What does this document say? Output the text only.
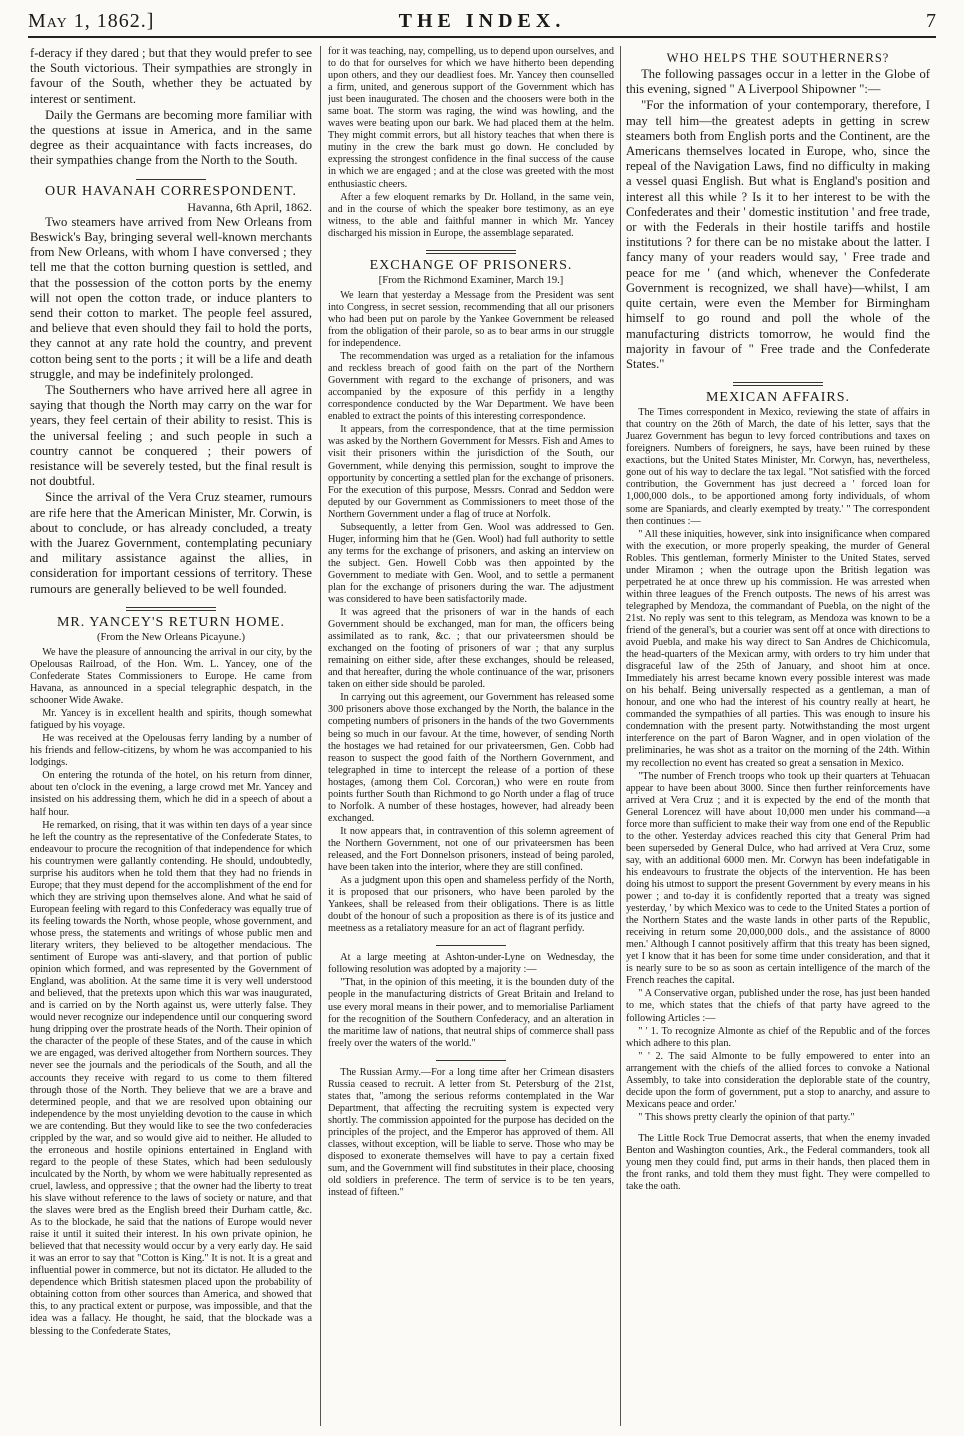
May 1, 1862.]	THE INDEX.	7

f-deracy if they dared ; but that they would prefer to see the South victorious. Their sympathies are strongly in favour of the South, whether they be actuated by interest or sentiment.

Daily the Germans are becoming more familiar with the questions at issue in America, and in the same degree as their acquaintance with facts increases, do their sympathies change from the North to the South.

OUR HAVANAH CORRESPONDENT.
Havanna, 6th April, 1862.

Two steamers have arrived from New Orleans from Beswick's Bay, bringing several well-known merchants from New Orleans, with whom I have conversed ; they tell me that the cotton burning question is settled, and that the possession of the cotton ports by the enemy will not open the cotton trade, or induce planters to send their cotton to market. The people feel assured, and believe that even should they fail to hold the ports, they cannot at any rate hold the country, and prevent cotton being sent to the ports ; it will be a life and death struggle, and may be indefinitely prolonged.

The Southerners who have arrived here all agree in saying that though the North may carry on the war for years, they feel certain of their ability to resist. This is the universal feeling ; and such people in such a country cannot be conquered ; their powers of resistance will be severely tested, but the final result is not doubtful.

Since the arrival of the Vera Cruz steamer, rumours are rife here that the American Minister, Mr. Corwin, is about to conclude, or has already concluded, a treaty with the Juarez Government, contemplating pecuniary and military assistance against the allies, in consideration for important cessions of territory. These rumours are generally believed to be well founded.

MR. YANCEY'S RETURN HOME.
(From the New Orleans Picayune.)

We have the pleasure of announcing the arrival in our city, by the Opelousas Railroad, of the Hon. Wm. L. Yancey, one of the Confederate States Commissioners to Europe. He came from Havana, as announced in a special telegraphic despatch, in the schooner Wide Awake.

Mr. Yancey is in excellent health and spirits, though somewhat fatigued by his voyage.

He was received at the Opelousas ferry landing by a number of his friends and fellow-citizens, by whom he was accompanied to his lodgings.

On entering the rotunda of the hotel, on his return from dinner, about ten o'clock in the evening, a large crowd met Mr. Yancey and insisted on his addressing them, which he did in a speech of about a half hour.

He remarked, on rising, that it was within ten days of a year since he left the country as the representative of the Confederate States, to endeavour to procure the recognition of that independence for which his countrymen were gallantly contending. He should, undoubtedly, surprise his auditors when he told them that they had no friends in Europe; that they must depend for the accomplishment of the end for which they are striving upon themselves alone. And what he said of European feeling with regard to this Confederacy was equally true of its feeling towards the North, whose people, whose government, and whose press, the statements and writings of whose public men and literary writers, they believed to be altogether mendacious. The sentiment of Europe was anti-slavery, and that portion of public opinion which formed, and was represented by the Government of England, was abolition. At the same time it is very well understood and believed, that the pretexts upon which this war was inaugurated, and is carried on by the North against us, were utterly false. They would never recognize our independence until our conquering sword hung dripping over the prostrate heads of the North. Their opinion of the character of the people of these States, and of the cause in which we are engaged, was derived altogether from Northern sources. They never see the journals and the periodicals of the South, and all the accounts they receive with regard to us come to them filtered through those of the North. They believe that we are a brave and determined people, and that we are resolved upon obtaining our independence by the most unyielding devotion to the cause in which we are contending. But they would like to see the two confederacies crippled by the war, and so would give aid to neither. He alluded to the erroneous and hostile opinions entertained in England with regard to the people of these States, which had been sedulously inculcated by the North, by whom we were habitually represented as cruel, lawless, and oppressive ; that the owner had the liberty to treat his slave without reference to the laws of society or nature, and that the slaves were bred as the English breed their Durham cattle, &c. As to the blockade, he said that the nations of Europe would never raise it until it suited their interest. In his own private opinion, he believed that that necessity would occur by a very early day. He said it was an error to say that "Cotton is King." It is not. It is a great and influential power in commerce, but not its dictator. He alluded to the dependence which British statesmen placed upon the probability of obtaining cotton from other sources than America, and showed that this, to any practical extent or purpose, was impossible, and that the idea was a fallacy. He thought, he said, that the blockade was a blessing to the Confederate States,

for it was teaching, nay, compelling, us to depend upon ourselves, and to do that for ourselves for which we have hitherto been depending upon others, and they our deadliest foes. Mr. Yancey then counselled a firm, united, and generous support of the Government which has just been inaugurated. The chosen and the choosers were both in the same boat. The storm was raging, the wind was howling, and the waves were beating upon our bark. We had placed them at the helm. They might commit errors, but all history teaches that when there is mutiny in the crew the bark must go down. He concluded by expressing the strongest confidence in the final success of the cause in which we are engaged ; and at the close was greeted with the most enthusiastic cheers.

After a few eloquent remarks by Dr. Holland, in the same vein, and in the course of which the speaker bore testimony, as an eye witness, to the able and faithful manner in which Mr. Yancey discharged his mission in Europe, the assemblage separated.

EXCHANGE OF PRISONERS.
[From the Richmond Examiner, March 19.]

We learn that yesterday a Message from the President was sent into Congress, in secret session, recommending that all our prisoners who had been put on parole by the Yankee Government be released from the obligation of their parole, so as to bear arms in our struggle for independence.

The recommendation was urged as a retaliation for the infamous and reckless breach of good faith on the part of the Northern Government with regard to the exchange of prisoners, and was accompanied by the exposure of this perfidy in a lengthy correspondence conducted by the War Department. We have been enabled to extract the points of this interesting correspondence.

It appears, from the correspondence, that at the time permission was asked by the Northern Government for Messrs. Fish and Ames to visit their prisoners within the jurisdiction of the South, our Government, while denying this permission, sought to improve the opportunity by concerting a settled plan for the exchange of prisoners. For the execution of this purpose, Messrs. Conrad and Seddon were deputed by our Government as Commissioners to meet those of the Northern Government under a flag of truce at Norfolk.

Subsequently, a letter from Gen. Wool was addressed to Gen. Huger, informing him that he (Gen. Wool) had full authority to settle any terms for the exchange of prisoners, and asking an interview on the subject. Gen. Howell Cobb was then appointed by the Government to mediate with Gen. Wool, and to settle a permanent plan for the exchange of prisoners during the war. The adjustment was considered to have been satisfactorily made.

It was agreed that the prisoners of war in the hands of each Government should be exchanged, man for man, the officers being assimilated as to rank, &c. ; that our privateersmen should be exchanged on the footing of prisoners of war ; that any surplus remaining on either side, after these exchanges, should be released, and that hereafter, during the whole continuance of the war, prisoners taken on either side should be paroled.

In carrying out this agreement, our Government has released some 300 prisoners above those exchanged by the North, the balance in the competing numbers of prisoners in the hands of the two Governments being so much in our favour. At the time, however, of sending North the hostages we had retained for our privateersmen, Gen. Cobb had reason to suspect the good faith of the Northern Government, and telegraphed in time to intercept the release of a portion of these hostages, (among them Col. Corcoran,) who were en route from points further South than Richmond to go North under a flag of truce to Norfolk. A number of these hostages, however, had already been exchanged.

It now appears that, in contravention of this solemn agreement of the Northern Government, not one of our privateersmen has been released, and the Fort Donnelson prisoners, instead of being paroled, have been taken into the interior, where they are still confined.

As a judgment upon this open and shameless perfidy of the North, it is proposed that our prisoners, who have been paroled by the Yankees, shall be released from their obligations. There is as little doubt of the honour of such a proposition as there is of its justice and meetness as a retaliatory measure for an act of flagrant perfidy.

At a large meeting at Ashton-under-Lyne on Wednesday, the following resolution was adopted by a majority :—

"That, in the opinion of this meeting, it is the bounden duty of the people in the manufacturing districts of Great Britain and Ireland to use every moral means in their power, and to memorialise Parliament for the recognition of the Southern Confederacy, and an alteration in the maritime law of nations, that neutral ships of commerce shall pass freely over the waters of the world."

The Russian Army.—For a long time after her Crimean disasters Russia ceased to recruit. A letter from St. Petersburg of the 21st, states that, "among the serious reforms contemplated in the War Department, that affecting the recruiting system is expected very shortly. The commission appointed for the purpose has decided on the principles of the project, and the Emperor has approved of them. All classes, without exception, will be liable to serve. Those who may be disposed to exonerate themselves will have to pay a certain fixed sum, and the Government will find substitutes in their place, choosing old soldiers in preference. The term of service is to be ten years, instead of fifteen."

WHO HELPS THE SOUTHERNERS?

The following passages occur in a letter in the Globe of this evening, signed " A Liverpool Shipowner ":—

"For the information of your contemporary, therefore, I may tell him—the greatest adepts in getting in screw steamers both from English ports and the Continent, are the Americans themselves located in Europe, who, since the repeal of the Navigation Laws, find no difficulty in making a vessel quasi English. But what is England's position and interest all this while ? Is it to her interest to be with the Confederates and their ' domestic institution ' and free trade, or with the Federals in their hostile tariffs and hostile institutions ? for there can be no mistake about the latter. I fancy many of your readers would say, ' Free trade and peace for me ' (and which, whenever the Confederate Government is recognized, we shall have)—whilst, I am quite certain, were even the Member for Birmingham himself to go round and poll the whole of the manufacturing districts tomorrow, he would find the majority in favour of " Free trade and the Confederate States."

MEXICAN AFFAIRS.

The Times correspondent in Mexico, reviewing the state of affairs in that country on the 26th of March, the date of his letter, says that the Juarez Government has begun to levy forced contributions and taxes on foreigners. Numbers of foreigners, he says, have been ruined by these exactions, but the United States Minister, Mr. Corwyn, has, nevertheless, gone out of his way to declare the tax legal. "Not satisfied with the forced contribution, the Government has just decreed a ' forced loan for 1,000,000 dols., to be apportioned among forty individuals, of whom some are Spaniards, and clearly exempted by treaty.' " The correspondent then continues :—

" All these iniquities, however, sink into insignificance when compared with the execution, or more properly speaking, the murder of General Robles. This gentleman, formerly Minister to the United States, served under Miramon ; when the outrage upon the British legation was perpetrated he at once threw up his commission. He was arrested when within three leagues of the French outposts. The news of his arrest was telegraphed by Mendoza, the commandant of Puebla, on the night of the 21st. No reply was sent to this telegram, as Mendoza was known to be a friend of the general's, but a courier was sent off at once with directions to avoid Puebla, and make his way direct to San Andres de Chichicomula, the head-quarters of the Mexican army, with orders to try him under that disgraceful law of the 25th of January, and shoot him at once. Immediately his arrest became known every possible interest was made on his behalf. Being universally respected as a gentleman, a man of honour, and one who had the interest of his country really at heart, he commanded the sympathies of all parties. This was enough to insure his condemnation with the present party. Notwithstanding the most urgent interference on the part of Baron Wagner, and in open violation of the preliminaries, he was shot as a traitor on the morning of the 24th. Within my recollection no event has created so great a sensation in Mexico.

"The number of French troops who took up their quarters at Tehuacan appear to have been about 3000. Since then further reinforcements have arrived at Vera Cruz ; and it is expected by the end of the month that General Lorencez will have about 10,000 men under his command—a force more than sufficient to make their way from one end of the Republic to the other. Yesterday advices reached this city that General Prim had been superseded by General Dulce, who had arrived at Vera Cruz, some say, with an additional 6000 men. Mr. Corwyn has been indefatigable in his endeavours to frustrate the objects of the intervention. He has been doing his utmost to support the present Government by every means in his power ; and to-day it is confidently reported that a treaty was signed yesterday, ' by which Mexico was to cede to the United States a portion of the Northern States and the waste lands in other parts of the Republic, receiving in return some 20,000,000 dols., and the assistance of 8000 men.' Although I cannot positively affirm that this treaty has been signed, yet I know that it has been for some time under consideration, and that it is nearly sure to be so as soon as certain intelligence of the march of the French reaches the capital.

" A Conservative organ, published under the rose, has just been handed to me, which states that the chiefs of that party have agreed to the following Articles :—

" ' 1. To recognize Almonte as chief of the Republic and of the forces which adhere to this plan.

" ' 2. The said Almonte to be fully empowered to enter into an arrangement with the chiefs of the allied forces to convoke a National Assembly, to take into consideration the deplorable state of the country, decide upon the form of government, put a stop to anarchy, and assure to Mexicans peace and order.'

" This shows pretty clearly the opinion of that party."

The Little Rock True Democrat asserts, that when the enemy invaded Benton and Washington counties, Ark., the Federal commanders, took all young men they could find, put arms in their hands, then placed them in the front ranks, and told them they must fight. They were compelled to take the oath.
